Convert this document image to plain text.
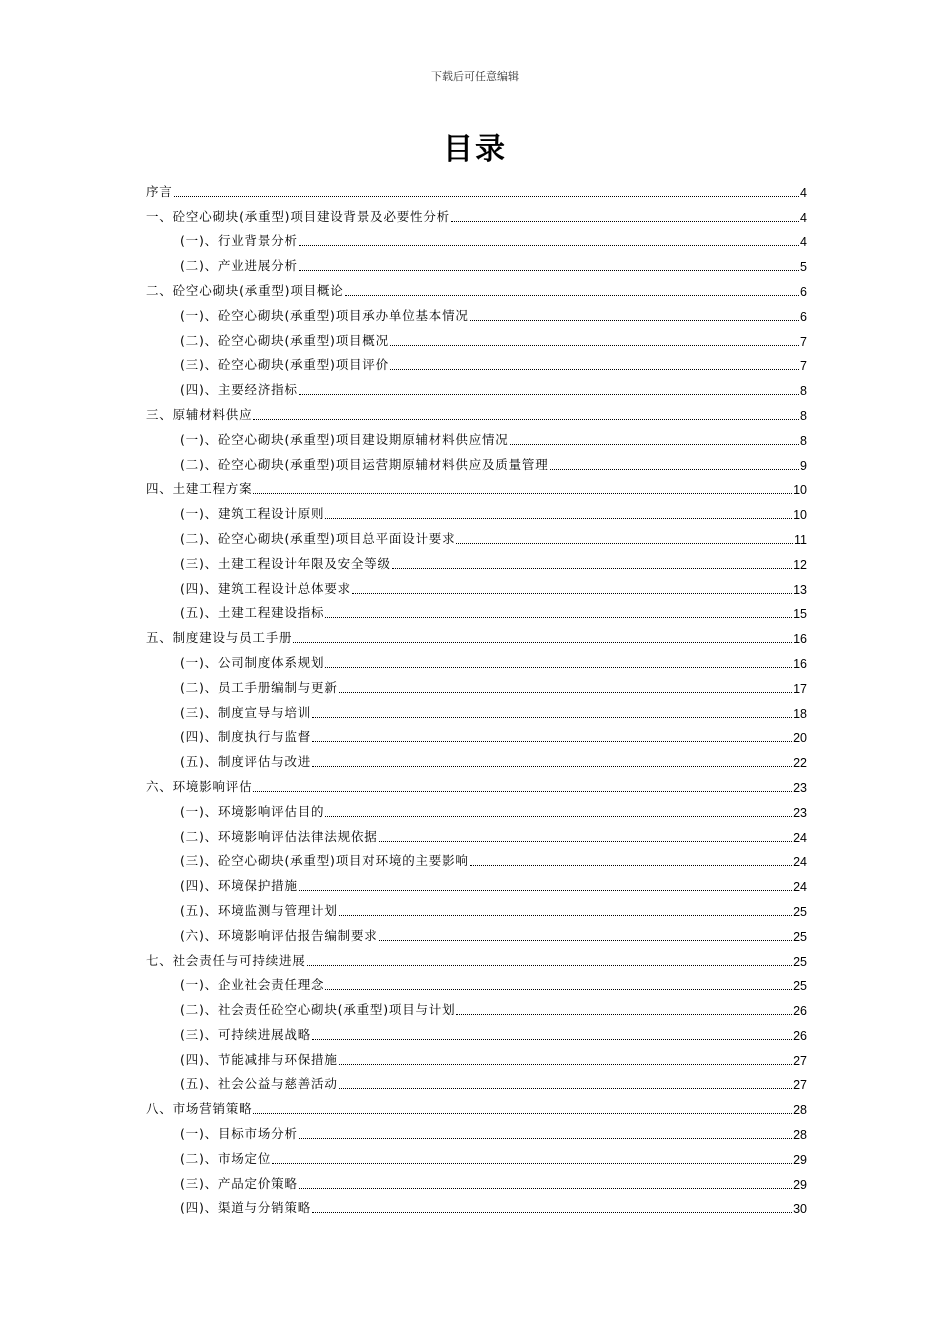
下载后可任意编辑
目录
序言	4
一、砼空心砌块(承重型)项目建设背景及必要性分析	4
(一)、行业背景分析	4
(二)、产业进展分析	5
二、砼空心砌块(承重型)项目概论	6
(一)、砼空心砌块(承重型)项目承办单位基本情况	6
(二)、砼空心砌块(承重型)项目概况	7
(三)、砼空心砌块(承重型)项目评价	7
(四)、主要经济指标	8
三、原辅材料供应	8
(一)、砼空心砌块(承重型)项目建设期原辅材料供应情况	8
(二)、砼空心砌块(承重型)项目运营期原辅材料供应及质量管理	9
四、土建工程方案	10
(一)、建筑工程设计原则	10
(二)、砼空心砌块(承重型)项目总平面设计要求	11
(三)、土建工程设计年限及安全等级	12
(四)、建筑工程设计总体要求	13
(五)、土建工程建设指标	15
五、制度建设与员工手册	16
(一)、公司制度体系规划	16
(二)、员工手册编制与更新	17
(三)、制度宣导与培训	18
(四)、制度执行与监督	20
(五)、制度评估与改进	22
六、环境影响评估	23
(一)、环境影响评估目的	23
(二)、环境影响评估法律法规依据	24
(三)、砼空心砌块(承重型)项目对环境的主要影响	24
(四)、环境保护措施	24
(五)、环境监测与管理计划	25
(六)、环境影响评估报告编制要求	25
七、社会责任与可持续进展	25
(一)、企业社会责任理念	25
(二)、社会责任砼空心砌块(承重型)项目与计划	26
(三)、可持续进展战略	26
(四)、节能减排与环保措施	27
(五)、社会公益与慈善活动	27
八、市场营销策略	28
(一)、目标市场分析	28
(二)、市场定位	29
(三)、产品定价策略	29
(四)、渠道与分销策略	30
